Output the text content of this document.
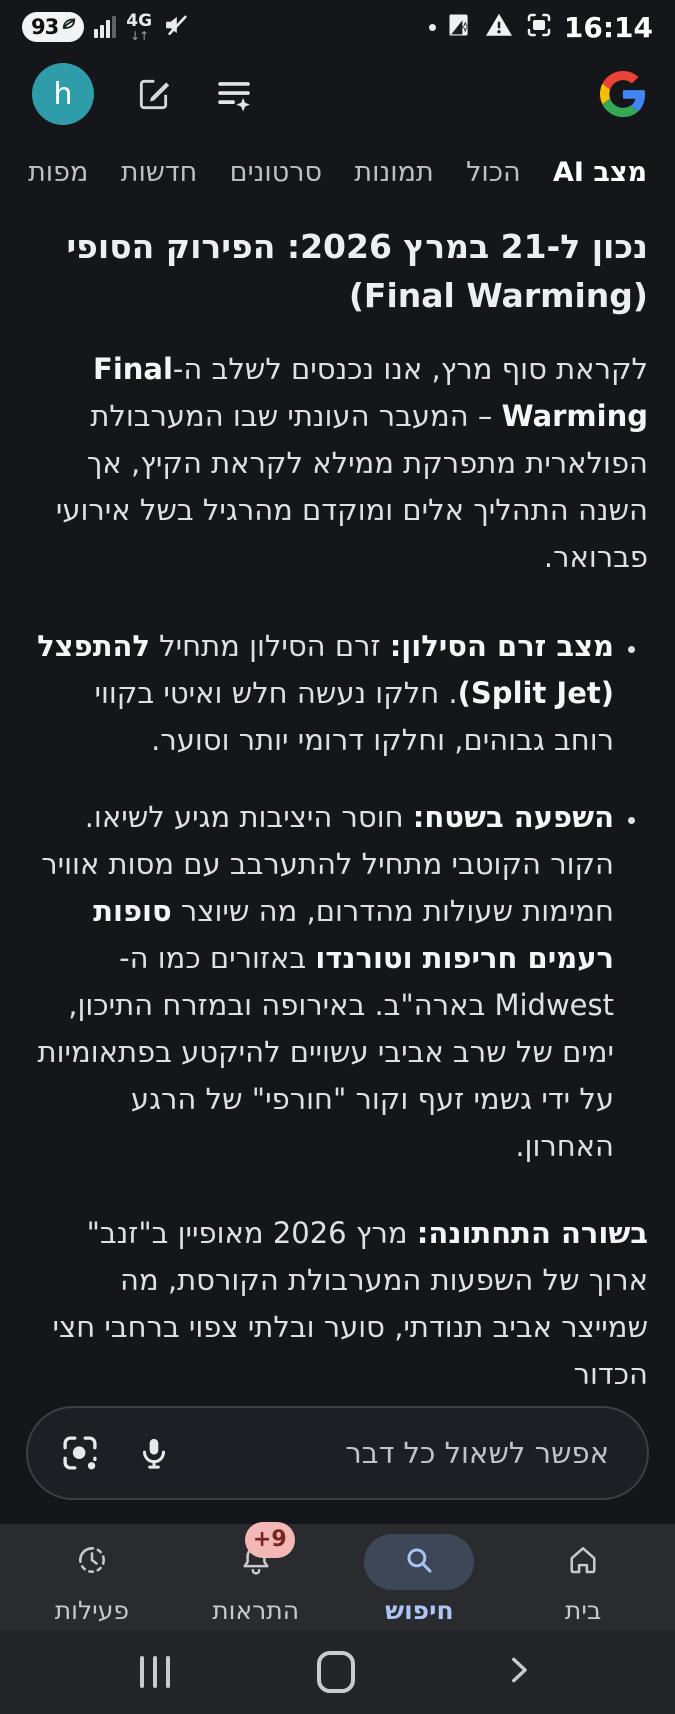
93	4G
↓↑	16:14
h
מצב AI
הכול
תמונות
סרטונים
חדשות
מפות
נכון ל-21 במרץ 2026: הפירוק הסופי (Final Warming)

לקראת סוף מרץ, אנו נכנסים לשלב ה-Final Warming – המעבר העונתי שבו המערבולת הפולארית מתפרקת ממילא לקראת הקיץ, אך השנה התהליך אלים ומוקדם מהרגיל בשל אירועי פברואר.

• מצב זרם הסילון: זרם הסילון מתחיל להתפצל (Split Jet). חלקו נעשה חלש ואיטי בקווי רוחב גבוהים, וחלקו דרומי יותר וסוער.
• השפעה בשטח: חוסר היציבות מגיע לשיאו. הקור הקוטבי מתחיל להתערבב עם מסות אוויר חמימות שעולות מהדרום, מה שיוצר סופות רעמים חריפות וטורנדו באזורים כמו ה-Midwest בארה"ב. באירופה ובמזרח התיכון, ימים של שרב אביבי עשויים להיקטע בפתאומיות על ידי גשמי זעף וקור "חורפי" של הרגע האחרון.

בשורה התחתונה: מרץ 2026 מאופיין ב"זנב" ארוך של השפעות המערבולת הקורסת, מה שמייצר אביב תנודתי, סוער ובלתי צפוי ברחבי חצי הכדור

אפשר לשאול כל דבר
בית
חיפוש
9+
התראות
פעילות
